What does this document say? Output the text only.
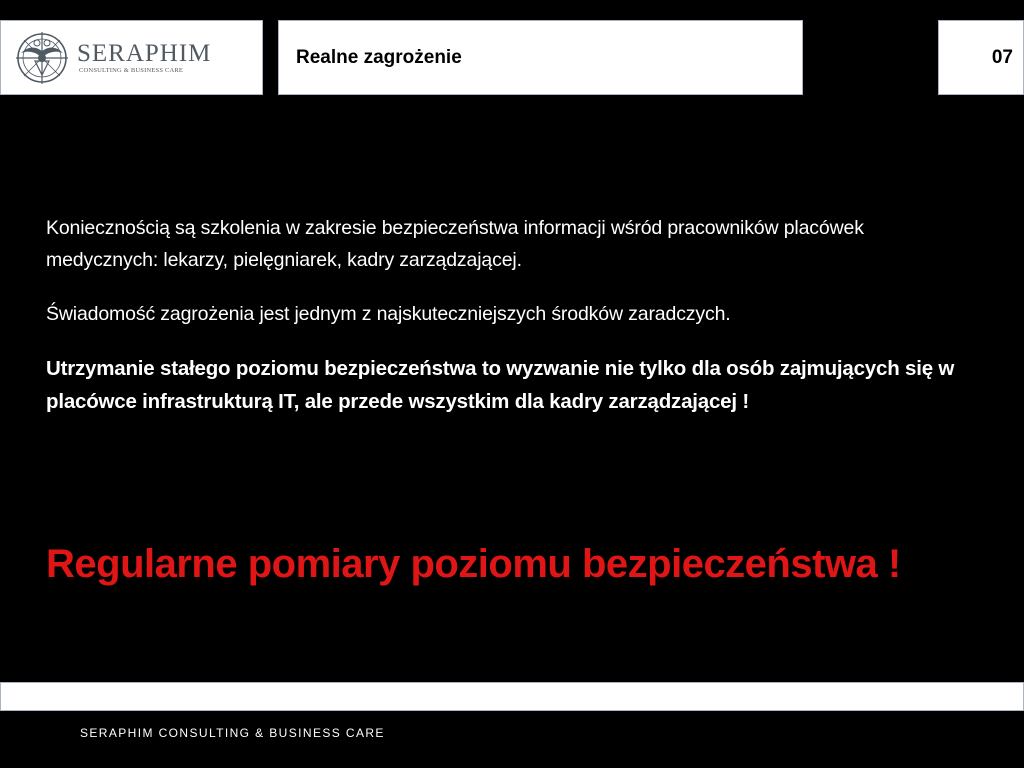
SERAPHIM
CONSULTING & BUSINESS CARE
Realne zagrożenie	07

Koniecznością są szkolenia w zakresie bezpieczeństwa informacji wśród pracowników placówek medycznych: lekarzy, pielęgniarek, kadry zarządzającej.

Świadomość zagrożenia jest jednym z najskuteczniejszych środków zaradczych.

Utrzymanie stałego poziomu bezpieczeństwa to wyzwanie nie tylko dla osób zajmujących się w placówce infrastrukturą IT, ale przede wszystkim dla kadry zarządzającej !

Regularne pomiary poziomu bezpieczeństwa !
SERAPHIM CONSULTING & BUSINESS CARE
